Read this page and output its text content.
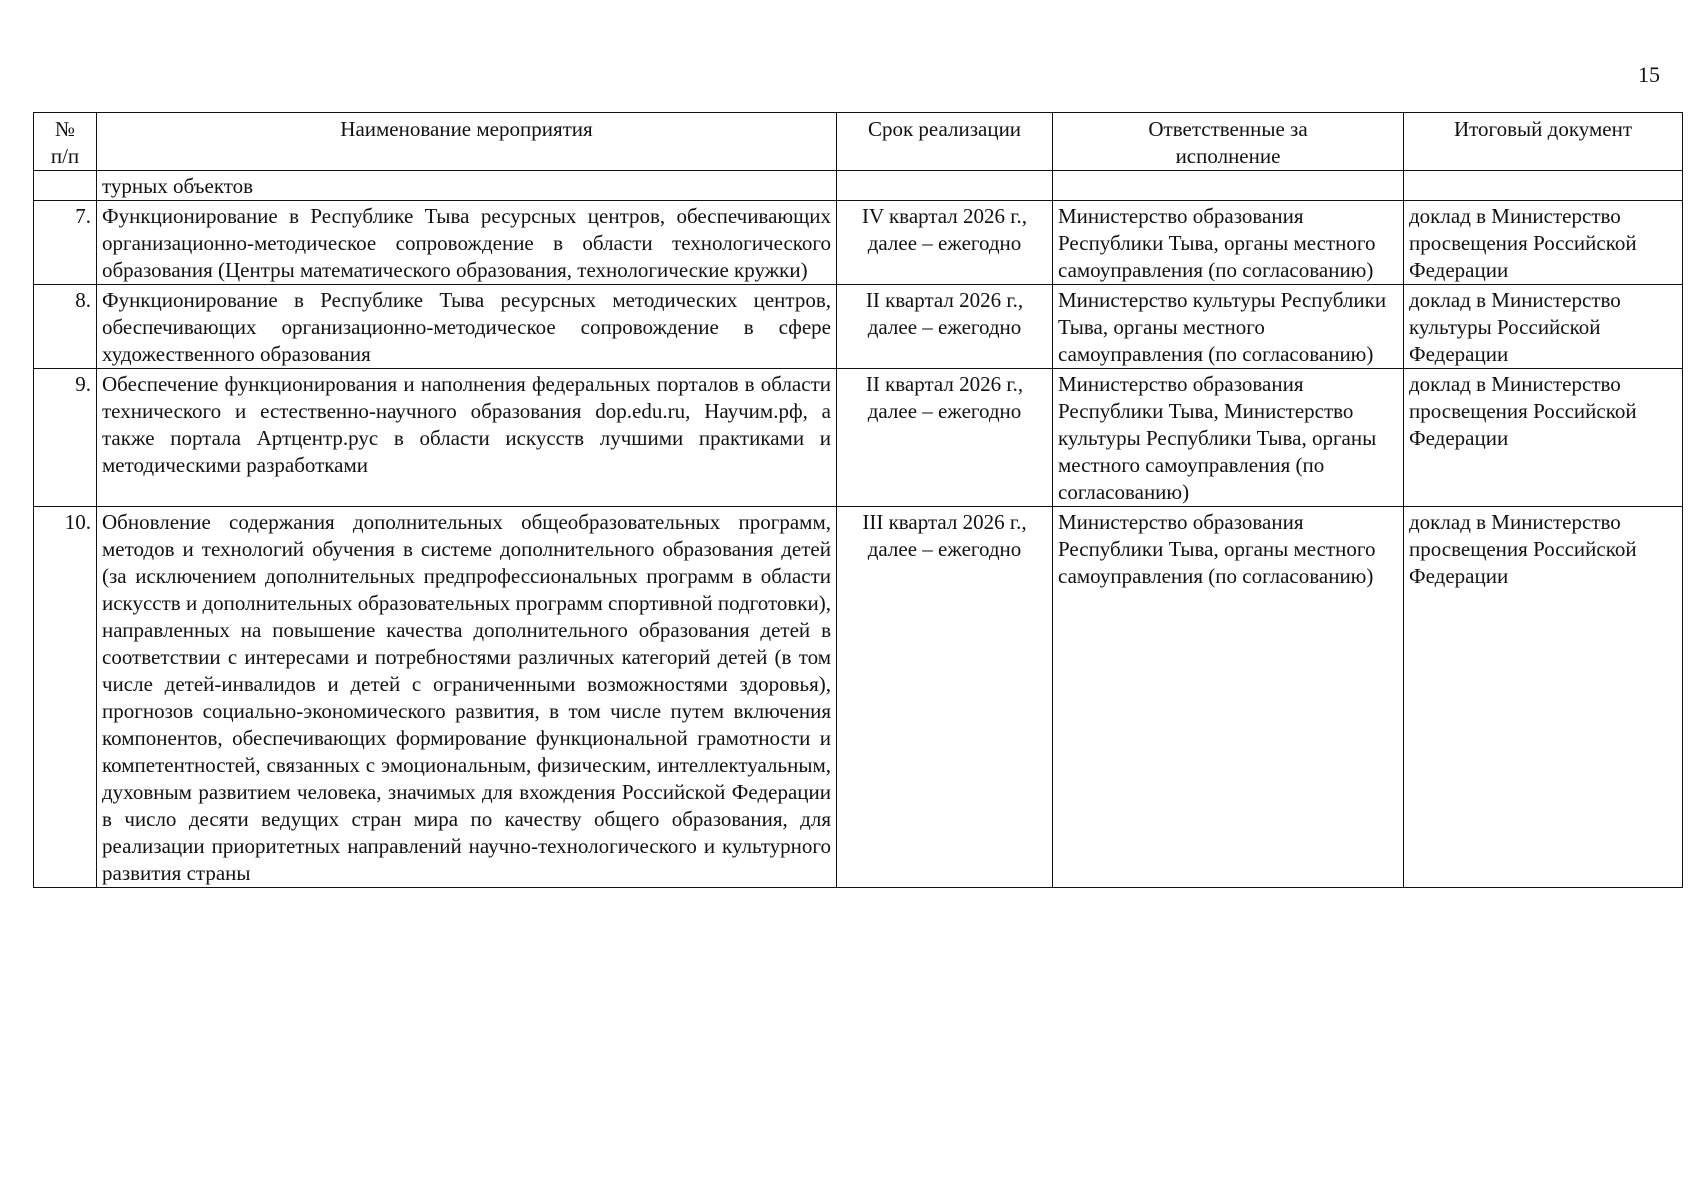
15
№ п/п	Наименование мероприятия	Срок реализации	Ответственные за исполнение	Итоговый документ
	турных объектов			
7.	Функционирование в Республике Тыва ресурсных центров, обеспечивающих организационно-методическое сопровождение в области технологического образования (Центры математического образования, технологические кружки)	IV квартал 2026 г., далее – ежегодно	Министерство образования Республики Тыва, органы местного самоуправления (по согласованию)	доклад в Министерство просвещения Российской Федерации
8.	Функционирование в Республике Тыва ресурсных методических центров, обеспечивающих организационно-методическое сопровождение в сфере художественного образования	II квартал 2026 г., далее – ежегодно	Министерство культуры Республики Тыва, органы местного самоуправления (по согласованию)	доклад в Министерство культуры Российской Федерации
9.	Обеспечение функционирования и наполнения федеральных порталов в области технического и естественно-научного образования dop.edu.ru, Научим.рф, а также портала Артцентр.рус в области искусств лучшими практиками и методическими разработками	II квартал 2026 г., далее – ежегодно	Министерство образования Республики Тыва, Министерство культуры Республики Тыва, органы местного самоуправления (по согласованию)	доклад в Министерство просвещения Российской Федерации
10.	Обновление содержания дополнительных общеобразовательных программ, методов и технологий обучения в системе дополнительного образования детей (за исключением дополнительных предпрофессиональных программ в области искусств и дополнительных образовательных программ спортивной подготовки), направленных на повышение качества дополнительного образования детей в соответствии с интересами и потребностями различных категорий детей (в том числе детей-инвалидов и детей с ограниченными возможностями здоровья), прогнозов социально-экономического развития, в том числе путем включения компонентов, обеспечивающих формирование функциональной грамотности и компетентностей, связанных с эмоциональным, физическим, интеллектуальным, духовным развитием человека, значимых для вхождения Российской Федерации в число десяти ведущих стран мира по качеству общего образования, для реализации приоритетных направлений научно-технологического и культурного развития страны	III квартал 2026 г., далее – ежегодно	Министерство образования Республики Тыва, органы местного самоуправления (по согласованию)	доклад в Министерство просвещения Российской Федерации
